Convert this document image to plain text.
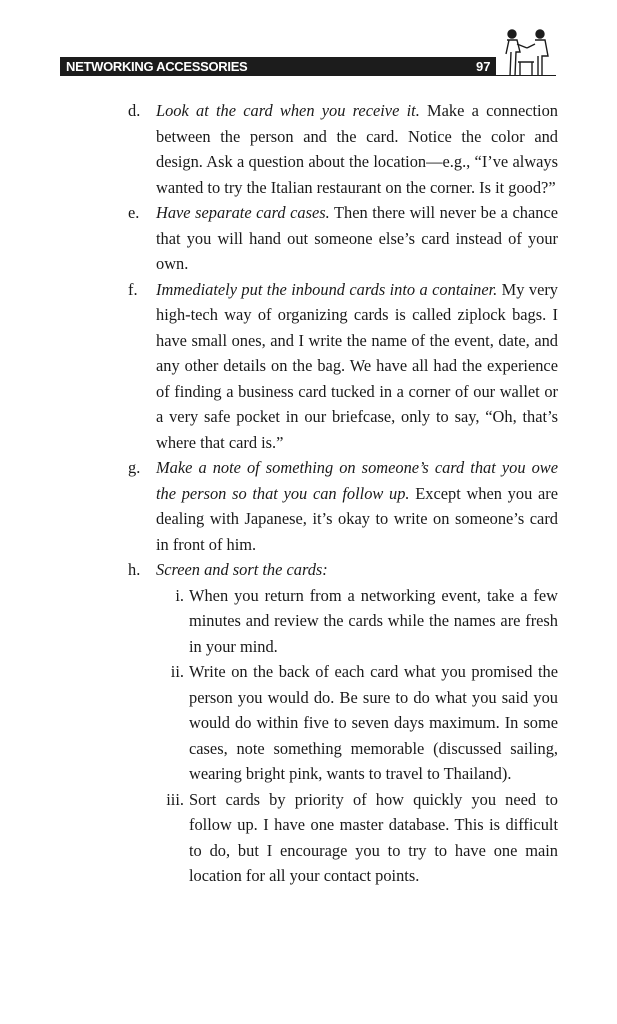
NETWORKING ACCESSORIES	97
d. Look at the card when you receive it. Make a connection between the person and the card. Notice the color and design. Ask a question about the location—e.g., “I’ve always wanted to try the Italian restaurant on the corner. Is it good?”

e.	Have separate card cases. Then there will never be a chance that you will hand out someone else’s card instead of your own.

f.	Immediately put the inbound cards into a container. My very high-tech way of organizing cards is called ziplock bags. I have small ones, and I write the name of the event, date, and any other details on the bag. We have all had the experience of finding a business card tucked in a corner of our wallet or a very safe pocket in our briefcase, only to say, “Oh, that’s where that card is.”

g. Make a note of something on someone’s card that you owe the person so that you can follow up. Except when you are dealing with Japanese, it’s okay to write on someone’s card in front of him.

h. Screen and sort the cards:

i. When you return from a networking event, take a few minutes and review the cards while the names are fresh in your mind.

ii. Write on the back of each card what you promised the person you would do. Be sure to do what you said you would do within five to seven days maximum. In some cases, note something memorable (discussed sailing, wearing bright pink, wants to travel to Thailand).

iii. Sort cards by priority of how quickly you need to follow up. I have one master database. This is difficult to do, but I encourage you to try to have one main location for all your contact points.
